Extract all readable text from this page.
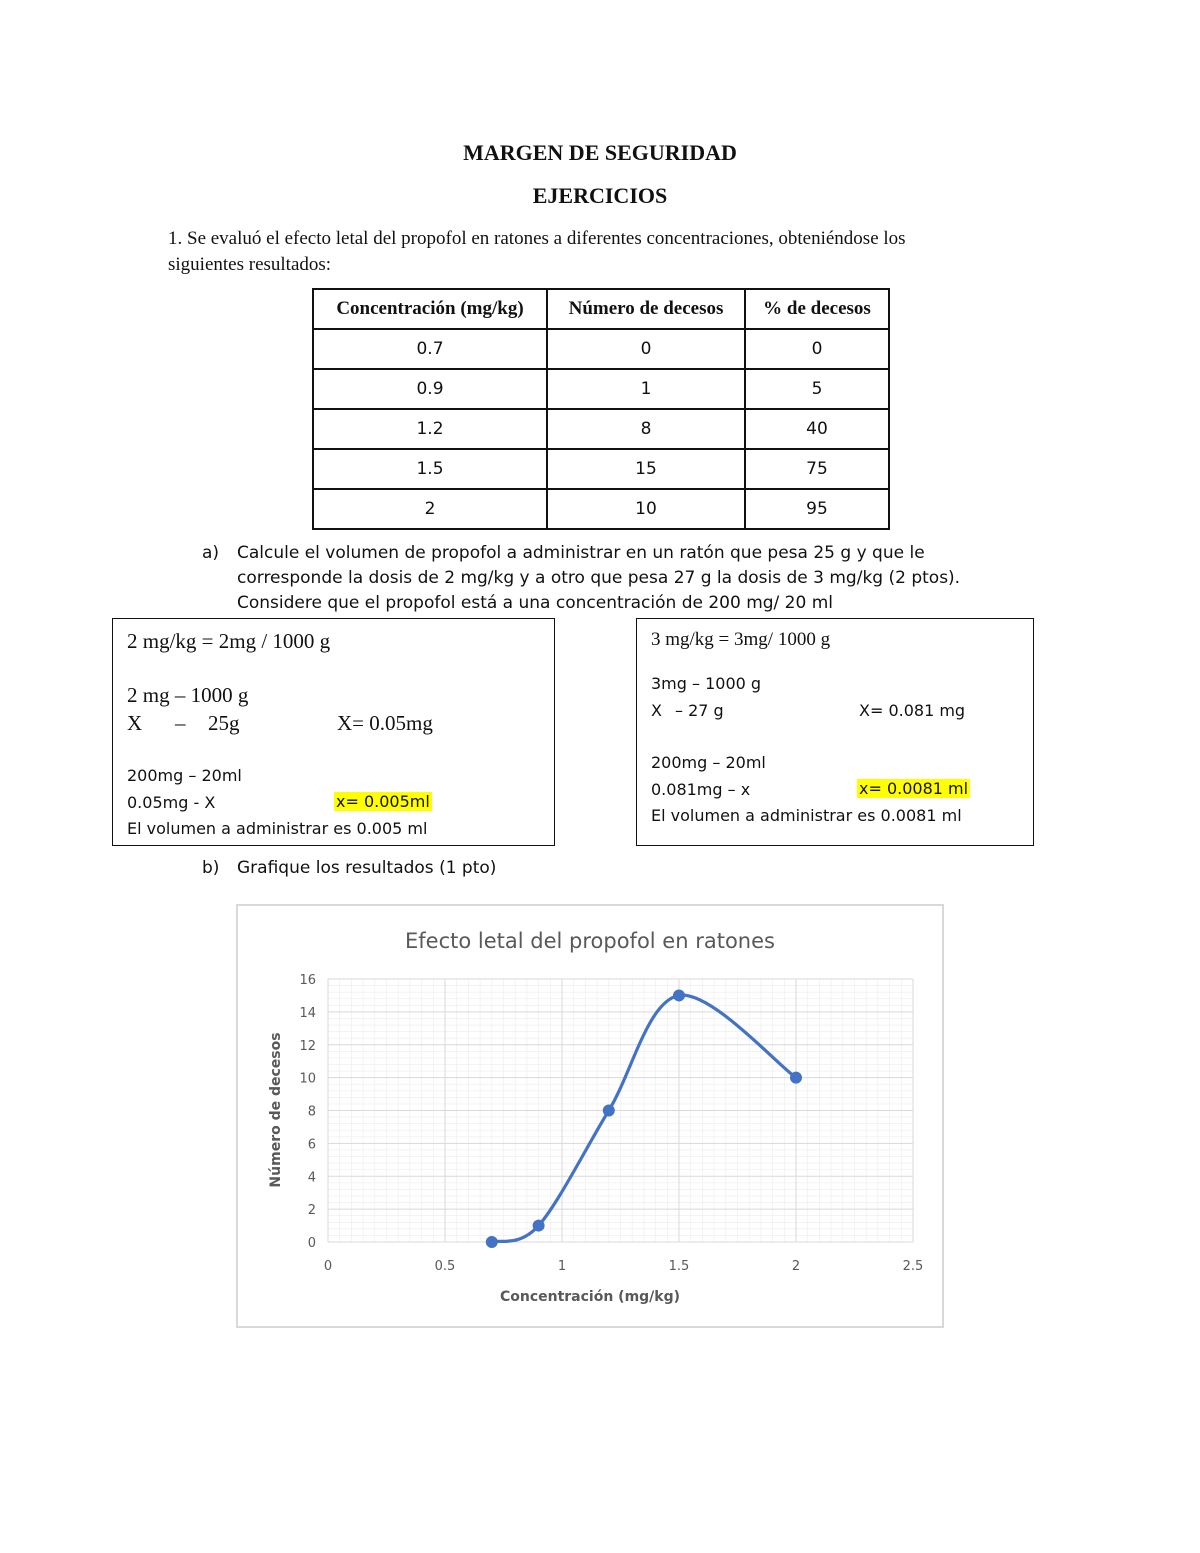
MARGEN DE SEGURIDAD
EJERCICIOS
1. Se evaluó el efecto letal del propofol en ratones a diferentes concentraciones, obteniéndose los
siguientes resultados:
Concentración (mg/kg)	Número de decesos	% de decesos
0.7	0	0
0.9	1	5
1.2	8	40
1.5	15	75
2	10	95
a) Calcule el volumen de propofol a administrar en un ratón que pesa 25 g y que le
corresponde la dosis de 2 mg/kg y a otro que pesa 27 g la dosis de 3 mg/kg (2 ptos).
Considere que el propofol está a una concentración de 200 mg/ 20 ml
2 mg/kg = 2mg / 1000 g
2 mg – 1000 g
X – 25g	X= 0.05mg
200mg – 20ml
0.05mg - X	x= 0.005ml
El volumen a administrar es 0.005 ml
3 mg/kg = 3mg/ 1000 g
3mg – 1000 g
X – 27 g	X= 0.081 mg
200mg – 20ml
0.081mg – x	x= 0.0081 ml
El volumen a administrar es 0.0081 ml
b) Grafique los resultados (1 pto)
0	0.5	1	1.5	2	2.5
0
2
4
6
8
10
12
14
16
Efecto letal del propofol en ratones
Concentración (mg/kg)
Número de decesos
